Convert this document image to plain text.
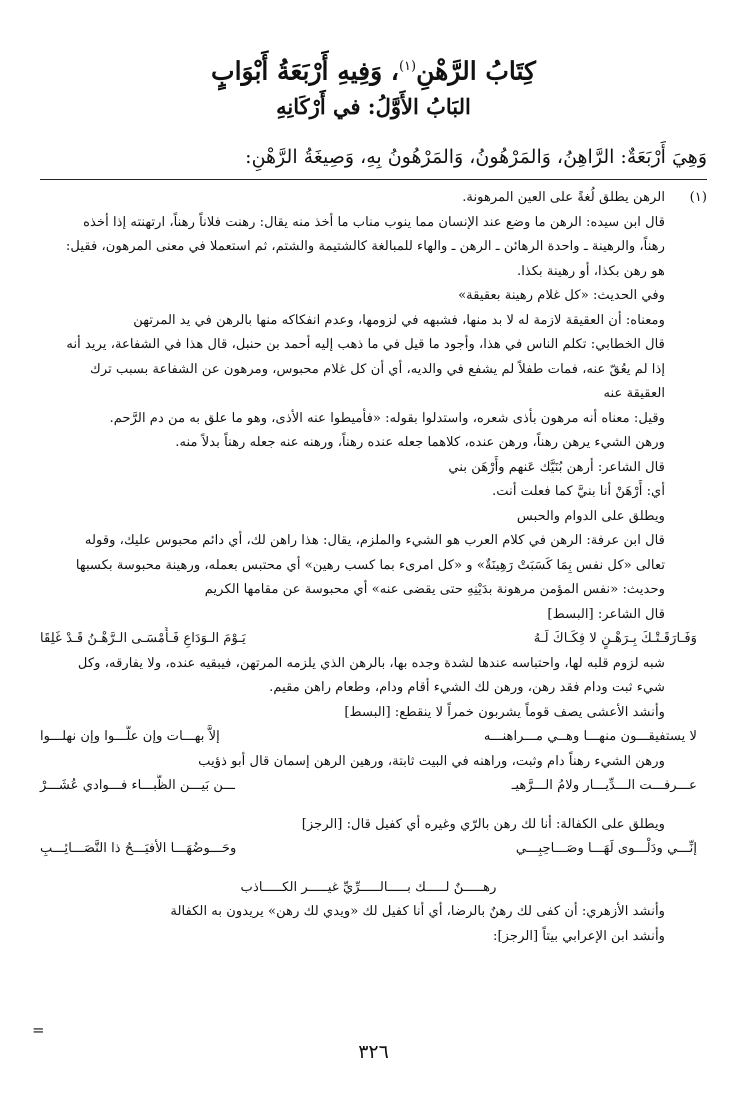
كِتَابُ الرَّهْنِ$^{(١)}$، وَفِيهِ أَرْبَعَةُ أَبْوَابٍ
البَابُ الأَوَّلُ: في أَرْكَانِهِ
وَهِيَ أَرْبَعَةٌ: الرَّاهِنُ، وَالمَرْهُونُ، وَالمَرْهُونُ بِهِ، وَصِيغَةُ الرَّهْنِ:
(١)الرهن يطلق لُغةً على العين المرهونة.
قال ابن سيده: الرهن ما وضع عند الإنسان مما ينوب مناب ما أخذ منه يقال: رهنت فلاناً رهناً، ارتهنته إذا أخذه
رهناً، والرهينة ـ واحدة الرهائن ـ الرهن ـ والهاء للمبالغة كالشتيمة والشتم، ثم استعملا في معنى المرهون، فقيل:
هو رهن بكذا، أو رهينة بكذا.
وفي الحديث: «كل غلام رهينة بعقيقة»
ومعناه: أن العقيقة لازمة له لا بد منها، فشبهه في لزومها، وعدم انفكاكه منها بالرهن في يد المرتهن
قال الخطابي: تكلم الناس في هذا، وأجود ما قيل في ما ذهب إليه أحمد بن حنبل، قال هذا في الشفاعة، يريد أنه
إذا لم يعُقّ عنه، فمات طفلاً لم يشفع في والديه، أي أن كل غلام محبوس، ومرهون عن الشفاعة بسبب ترك
العقيقة عنه
وقيل: معناه أنه مرهون بأذى شعره، واستدلوا بقوله: «فأميطوا عنه الأذى، وهو ما علق به من دم الرَّحم.
ورهن الشيء يرهن رهناً، ورهن عنده، كلاهما جعله عنده رهناً، ورهنه عنه جعله رهناً بدلاً منه.
قال الشاعر: أرهن بُنَيَّك عَنهم وأَرْهَن بني
أي: أَرْهَنْ أنا بنيَّ كما فعلت أنت.
ويطلق على الدوام والحبس
قال ابن عرفة: الرهن في كلام العرب هو الشيء والملزم، يقال: هذا راهن لك، أي دائم محبوس عليك، وقوله
تعالى «كل نفس بِمَا كَسَبَتْ رَهِينَةٌ» و «كل امرىء بما كسب رهين» أي محتبس بعمله، ورهينة محبوسة بكسبها
وحديث: «نفس المؤمن مرهونة بدَيْنِهِ حتى يقضى عنه» أي محبوسة عن مقامها الكريم
قال الشاعر: [البسط]
وَفَـارَقَـتْـكَ بِـرَهْـنٍ لا فِكَـاكَ لَـهُ
يَـوْمَ الـوَدَاعِ فَـأَمْسَـى الـرَّهْـنُ قَـدْ غَلِقَا
شبه لزوم قلبه لها، واحتباسه عندها لشدة وجده بها، بالرهن الذي يلزمه المرتهن، فيبقيه عنده، ولا يفارقه، وكل
شيء ثبت ودام فقد رهن، ورهن لك الشيء أقام ودام، وطعام راهن مقيم.
وأنشد الأعشى يصف قوماً يشربون خمراً لا ينقطع: [البسط]
لا يستفيقـــون منهـــا وهــي مـــراهنـــه
إلاَّ بهـــات وإن علُّـــوا وإن نهلـــوا
ورهن الشيء رهناً دام وثبت، وراهنه في البيت ثابتة، ورهين الرهن إسمان قال أبو ذؤيب
عـــرفـــت الـــدِّيـــار ولامُ الـــرَّهيـ
ـــن بَيـــن الظُّبـــاء فـــوادي عُشَـــرْ
ويطلق على الكفالة: أنا لك رهن بالرّي وغيره أي كفيل قال: [الرجز]
إنِّـــي ودَلْـــوى لَهَـــا وصَـــاحِبِـــي
وحَـــوضُهَـــا الأفيَـــحُ ذا النَّصَـــائِـــبِ
رهـــــنٌ لـــــك بـــــالـــــرِّيِّ غيـــــر الكـــــاذب
وأنشد الأزهري: أن كفى لك رهنٌ بالرضا، أي أنا كفيل لك «ويدي لك رهن» يريدون به الكفالة
وأنشد ابن الإعرابي بيتاً [الرجز]:
=
٣٢٦
